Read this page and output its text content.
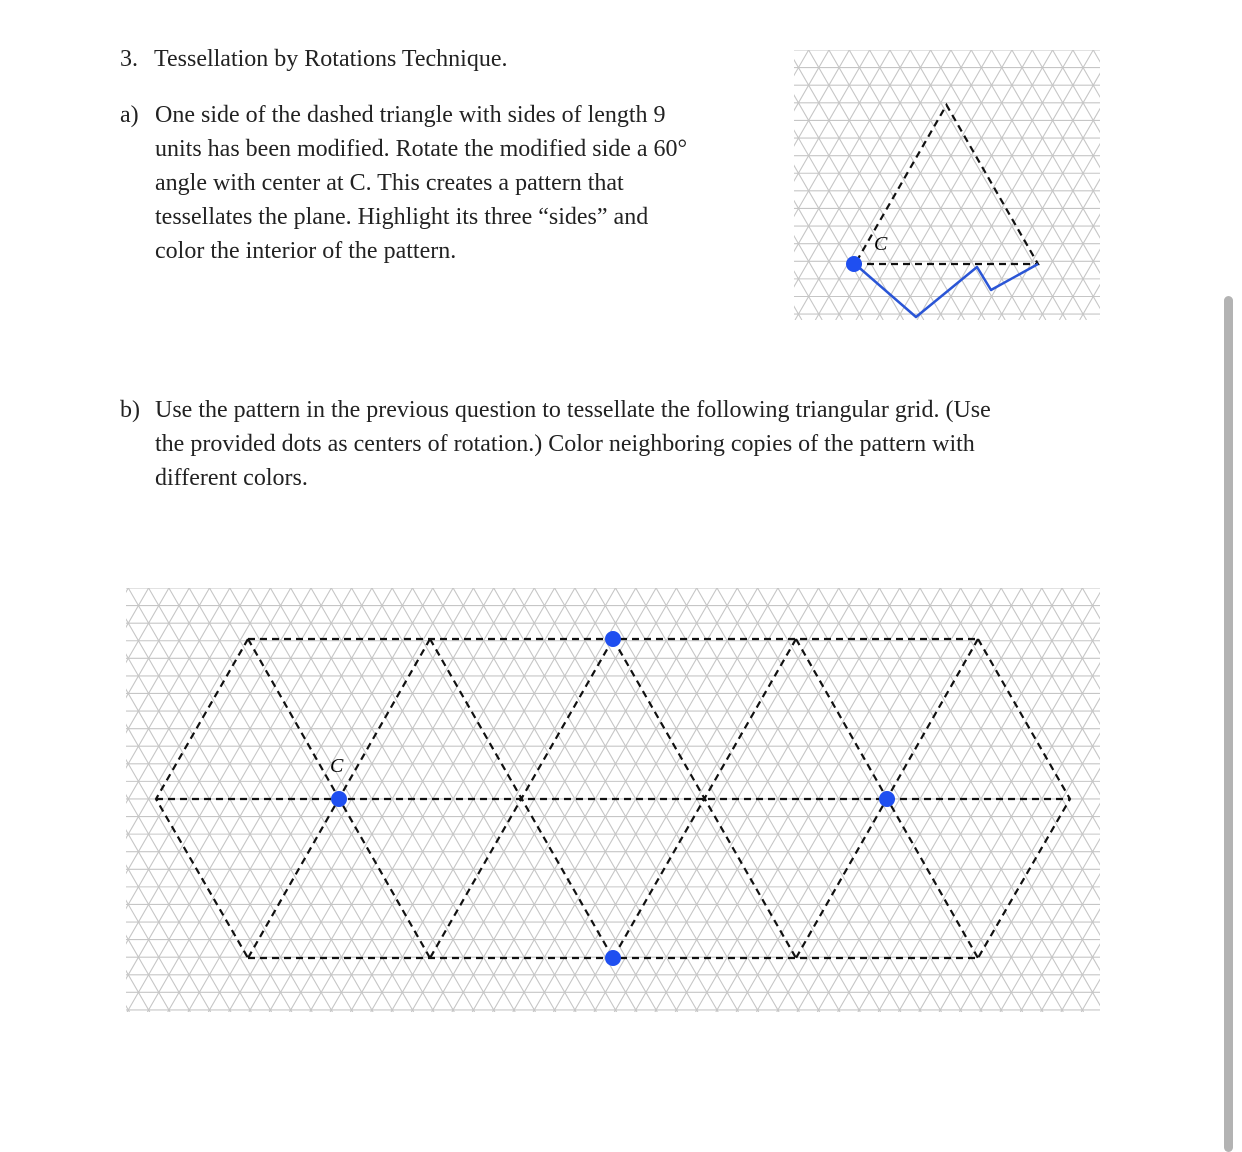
3. Tessellation by Rotations Technique.
a) One side of the dashed triangle with sides of length 9
units has been modified. Rotate the modified side a 60°
angle with center at C. This creates a pattern that
tessellates the plane. Highlight its three “sides” and
color the interior of the pattern.	C
b) Use the pattern in the previous question to tessellate the following triangular grid. (Use
the provided dots as centers of rotation.) Color neighboring copies of the pattern with
different colors.
C
